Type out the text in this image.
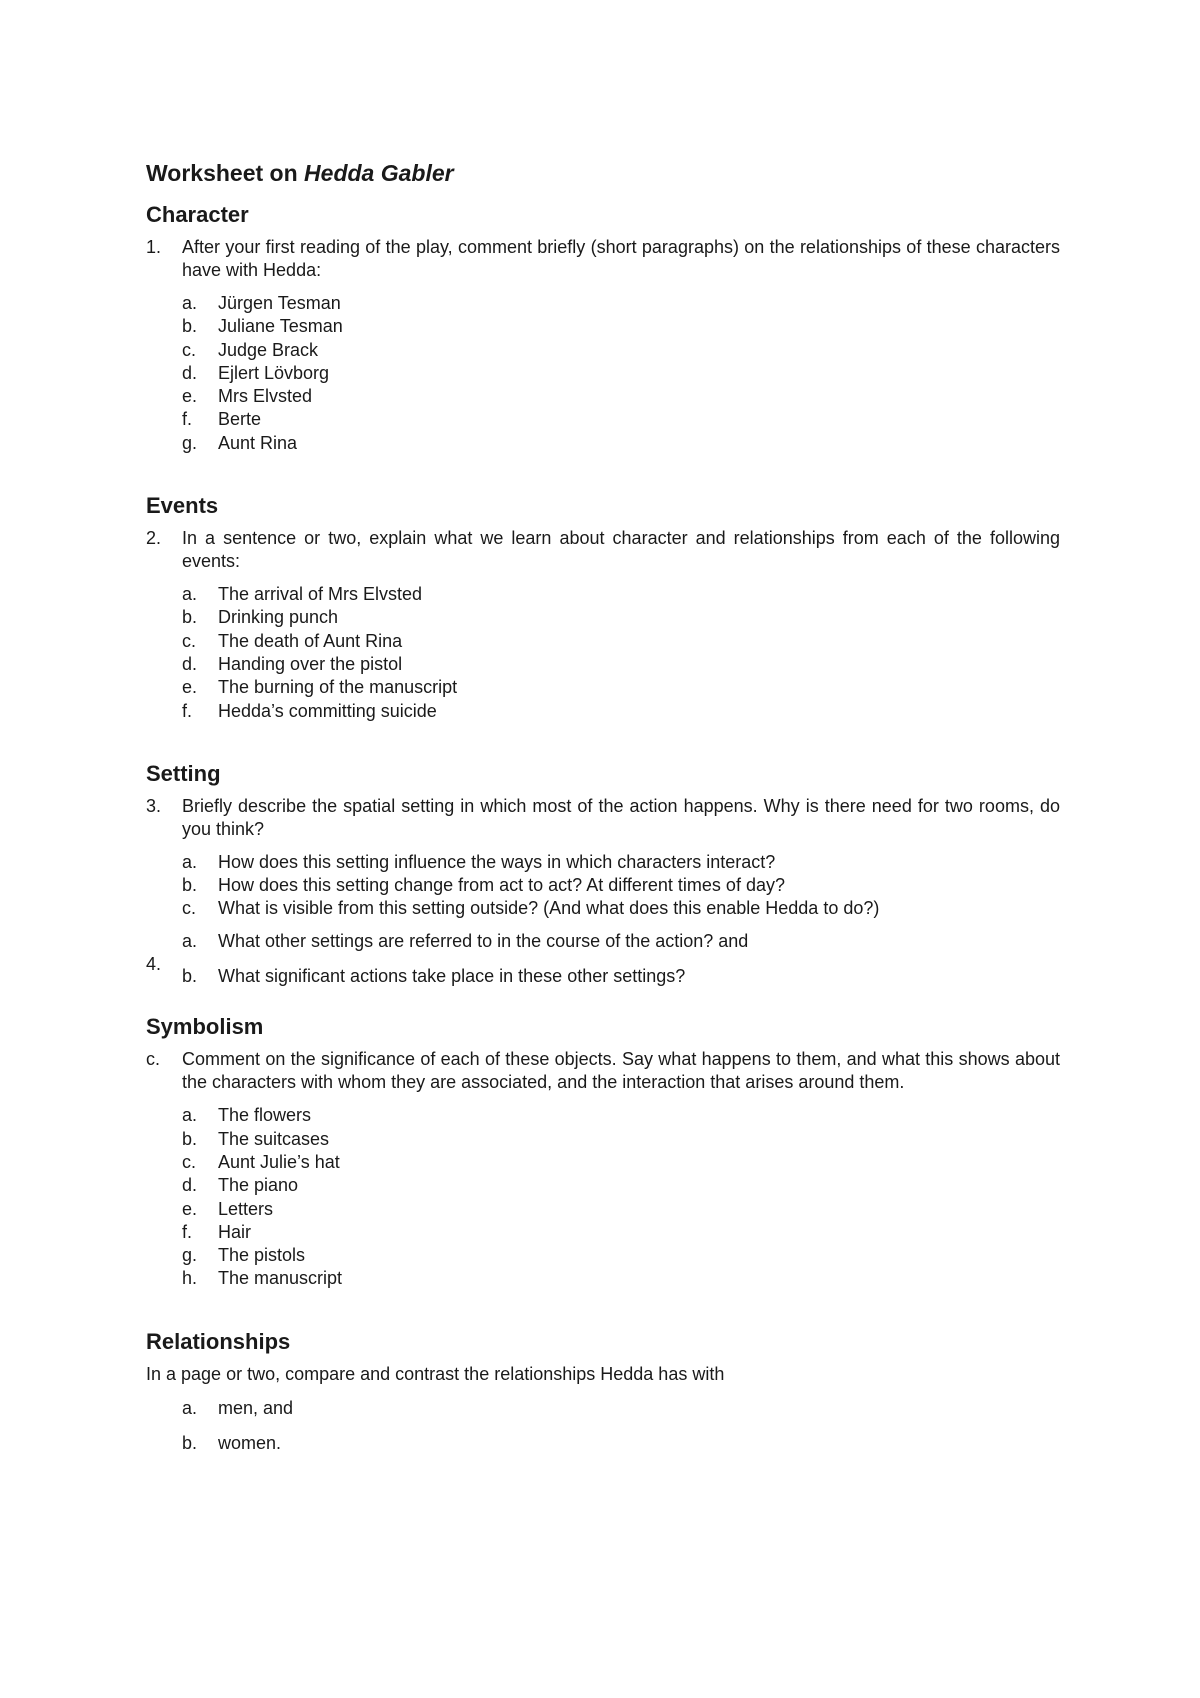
Worksheet on Hedda Gabler
Character
1. After your first reading of the play, comment briefly (short paragraphs) on the relationships of these characters have with Hedda:
a. Jürgen Tesman
b. Juliane Tesman
c. Judge Brack
d. Ejlert Lövborg
e. Mrs Elvsted
f. Berte
g. Aunt Rina
Events
2. In a sentence or two, explain what we learn about character and relationships from each of the following events:
a. The arrival of Mrs Elvsted
b. Drinking punch
c. The death of Aunt Rina
d. Handing over the pistol
e. The burning of the manuscript
f. Hedda’s committing suicide
Setting
3. Briefly describe the spatial setting in which most of the action happens. Why is there need for two rooms, do you think?
a. How does this setting influence the ways in which characters interact?
b. How does this setting change from act to act? At different times of day?
c. What is visible from this setting outside? (And what does this enable Hedda to do?)
4.
a. What other settings are referred to in the course of the action? and
b. What significant actions take place in these other settings?
Symbolism
c. Comment on the significance of each of these objects. Say what happens to them, and what this shows about the characters with whom they are associated, and the interaction that arises around them.
a. The flowers
b. The suitcases
c. Aunt Julie’s hat
d. The piano
e. Letters
f. Hair
g. The pistols
h. The manuscript
Relationships
In a page or two, compare and contrast the relationships Hedda has with
a. men, and
b. women.
